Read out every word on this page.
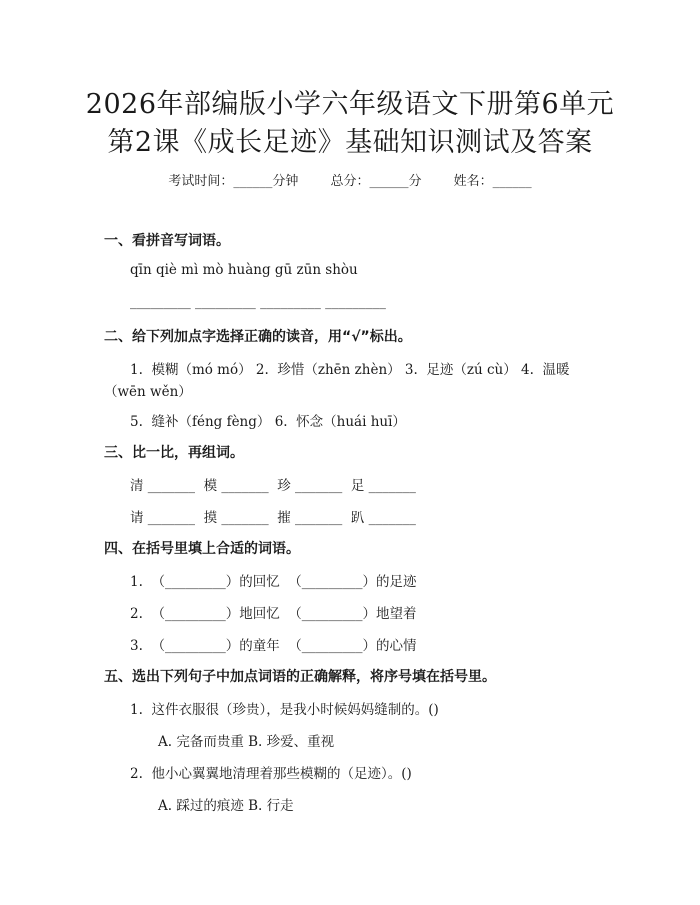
2026年部编版小学六年级语文下册第6单元
第2课《成长足迹》基础知识测试及答案
考试时间：______分钟 总分：______分 姓名：______
一、看拼音写词语。
qīn qiè mì mò huàng gū zūn shòu
_________ _________ _________ _________
二、给下列加点字选择正确的读音，用“√”标出。
1.  模糊（mó mó） 2.  珍惜（zhēn zhèn） 3.  足迹（zú cù） 4.  温暖
（wēn wěn）
5.  缝补（féng fèng） 6.  怀念（huái huī）
三、比一比，再组词。
清 _______  模 _______  珍 _______  足 _______
请 _______  摸 _______  摧 _______  趴 _______
四、在括号里填上合适的词语。
1.  （_________）的回忆  （_________）的足迹
2.  （_________）地回忆  （_________）地望着
3.  （_________）的童年  （_________）的心情
五、选出下列句子中加点词语的正确解释，将序号填在括号里。
1.  这件衣服很（珍贵），是我小时候妈妈缝制的。()
A. 完备而贵重 B. 珍爱、重视
2.  他小心翼翼地清理着那些模糊的（足迹）。()
A. 踩过的痕迹 B. 行走
